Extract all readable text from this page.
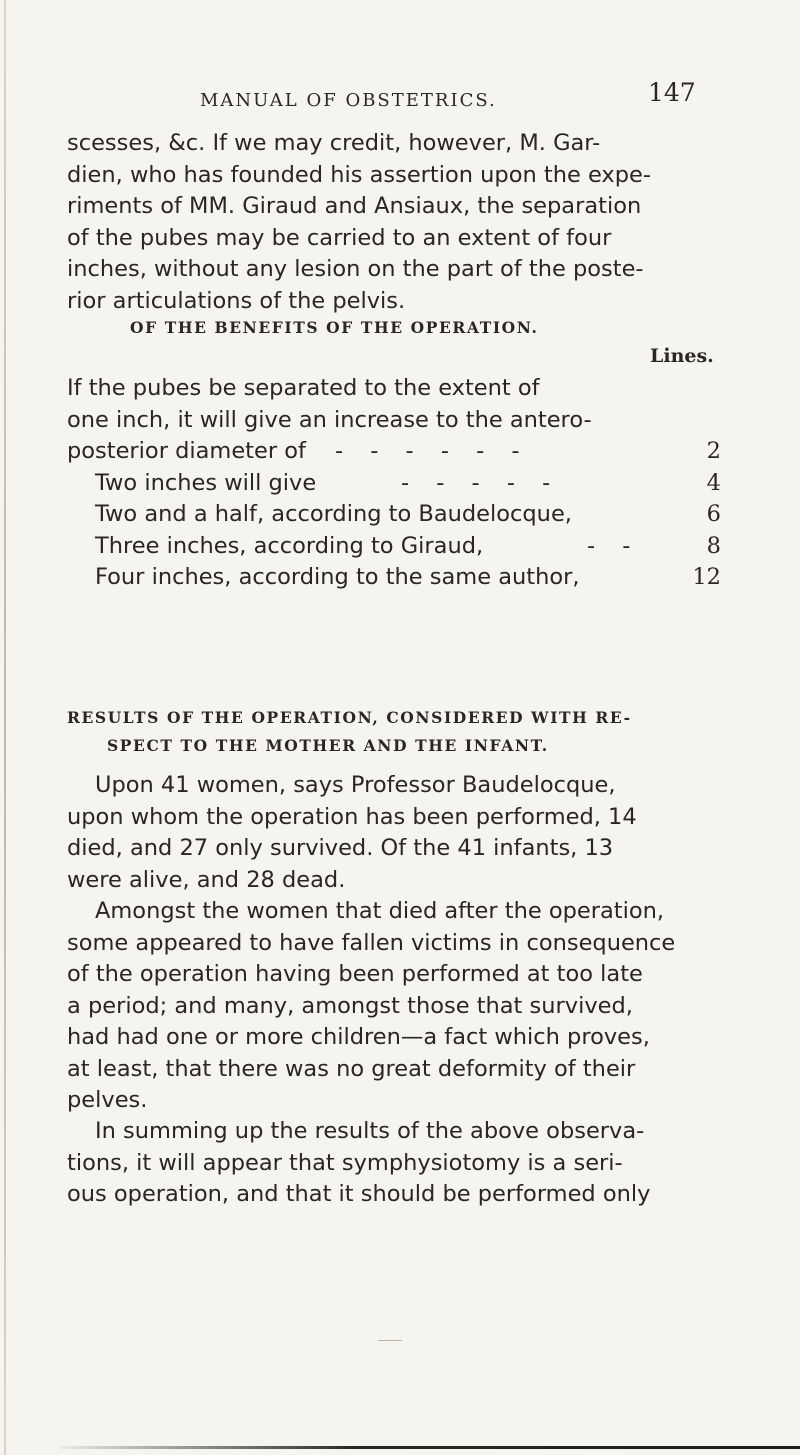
MANUAL OF OBSTETRICS.	147

scesses, &c. If we may credit, however, M. Gar-
dien, who has founded his assertion upon the expe-
riments of MM. Giraud and Ansiaux, the separation
of the pubes may be carried to an extent of four
inches, without any lesion on the part of the poste-
rior articulations of the pelvis.

OF THE BENEFITS OF THE OPERATION.
Lines.
If the pubes be separated to the extent of
one inch, it will give an increase to the antero-
posterior diameter of - - - - - -	2
Two inches will give	- - - - -	4
Two and a half, according to Baudelocque,	6
Three inches, according to Giraud,	- -	8
Four inches, according to the same author,	12
RESULTS OF THE OPERATION, CONSIDERED WITH RE-
SPECT TO THE MOTHER AND THE INFANT.

Upon 41 women, says Professor Baudelocque,
upon whom the operation has been performed, 14
died, and 27 only survived. Of the 41 infants, 13
were alive, and 28 dead.

Amongst the women that died after the operation,
some appeared to have fallen victims in consequence
of the operation having been performed at too late
a period; and many, amongst those that survived,
had had one or more children—a fact which proves,
at least, that there was no great deformity of their
pelves.

In summing up the results of the above observa-
tions, it will appear that symphysiotomy is a seri-
ous operation, and that it should be performed only
